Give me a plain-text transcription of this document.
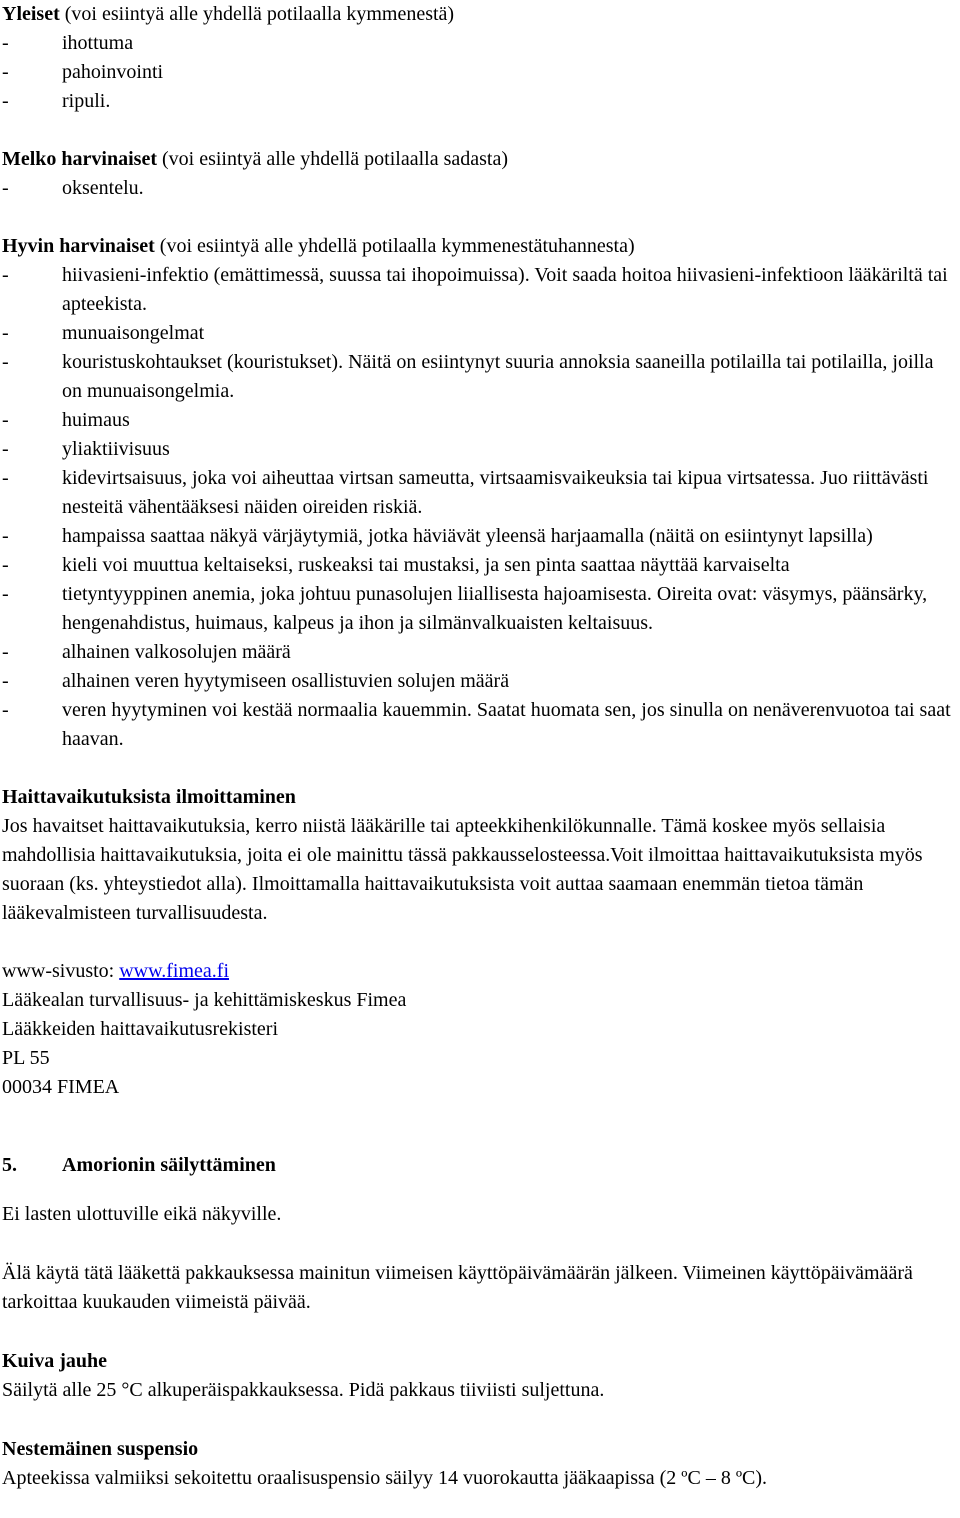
Yleiset (voi esiintyä alle yhdellä potilaalla kymmenestä)

-	ihottuma
-	pahoinvointi
-	ripuli.

Melko harvinaiset (voi esiintyä alle yhdellä potilaalla sadasta)

-	oksentelu.

Hyvin harvinaiset (voi esiintyä alle yhdellä potilaalla kymmenestätuhannesta)

-	hiivasieni-infektio (emättimessä, suussa tai ihopoimuissa). Voit saada hoitoa hiivasieni-infektioon lääkäriltä tai apteekista.
-	munuaisongelmat
-	kouristuskohtaukset (kouristukset). Näitä on esiintynyt suuria annoksia saaneilla potilailla tai potilailla, joilla on munuaisongelmia.
-	huimaus
-	yliaktiivisuus
-	kidevirtsaisuus, joka voi aiheuttaa virtsan sameutta, virtsaamisvaikeuksia tai kipua virtsatessa. Juo riittävästi nesteitä vähentääksesi näiden oireiden riskiä.
-	hampaissa saattaa näkyä värjäytymiä, jotka häviävät yleensä harjaamalla (näitä on esiintynyt lapsilla)
-	kieli voi muuttua keltaiseksi, ruskeaksi tai mustaksi, ja sen pinta saattaa näyttää karvaiselta
-	tietyntyyppinen anemia, joka johtuu punasolujen liiallisesta hajoamisesta. Oireita ovat: väsymys, päänsärky, hengenahdistus, huimaus, kalpeus ja ihon ja silmänvalkuaisten keltaisuus.
-	alhainen valkosolujen määrä
-	alhainen veren hyytymiseen osallistuvien solujen määrä
-	veren hyytyminen voi kestää normaalia kauemmin. Saatat huomata sen, jos sinulla on nenäverenvuotoa tai saat haavan.

Haittavaikutuksista ilmoittaminen

Jos havaitset haittavaikutuksia, kerro niistä lääkärille tai apteekkihenkilökunnalle. Tämä koskee myös sellaisia mahdollisia haittavaikutuksia, joita ei ole mainittu tässä pakkausselosteessa.Voit ilmoittaa haittavaikutuksista myös suoraan (ks. yhteystiedot alla). Ilmoittamalla haittavaikutuksista voit auttaa saamaan enemmän tietoa tämän lääkevalmisteen turvallisuudesta.

www-sivusto: www.fimea.fi

Lääkealan turvallisuus- ja kehittämiskeskus Fimea

Lääkkeiden haittavaikutusrekisteri

PL 55

00034 FIMEA

5. Amorionin säilyttäminen

Ei lasten ulottuville eikä näkyville.

Älä käytä tätä lääkettä pakkauksessa mainitun viimeisen käyttöpäivämäärän jälkeen. Viimeinen käyttöpäivämäärä tarkoittaa kuukauden viimeistä päivää.

Kuiva jauhe

Säilytä alle 25 °C alkuperäispakkauksessa. Pidä pakkaus tiiviisti suljettuna.

Nestemäinen suspensio

Apteekissa valmiiksi sekoitettu oraalisuspensio säilyy 14 vuorokautta jääkaapissa (2 ºC – 8 ºC).
